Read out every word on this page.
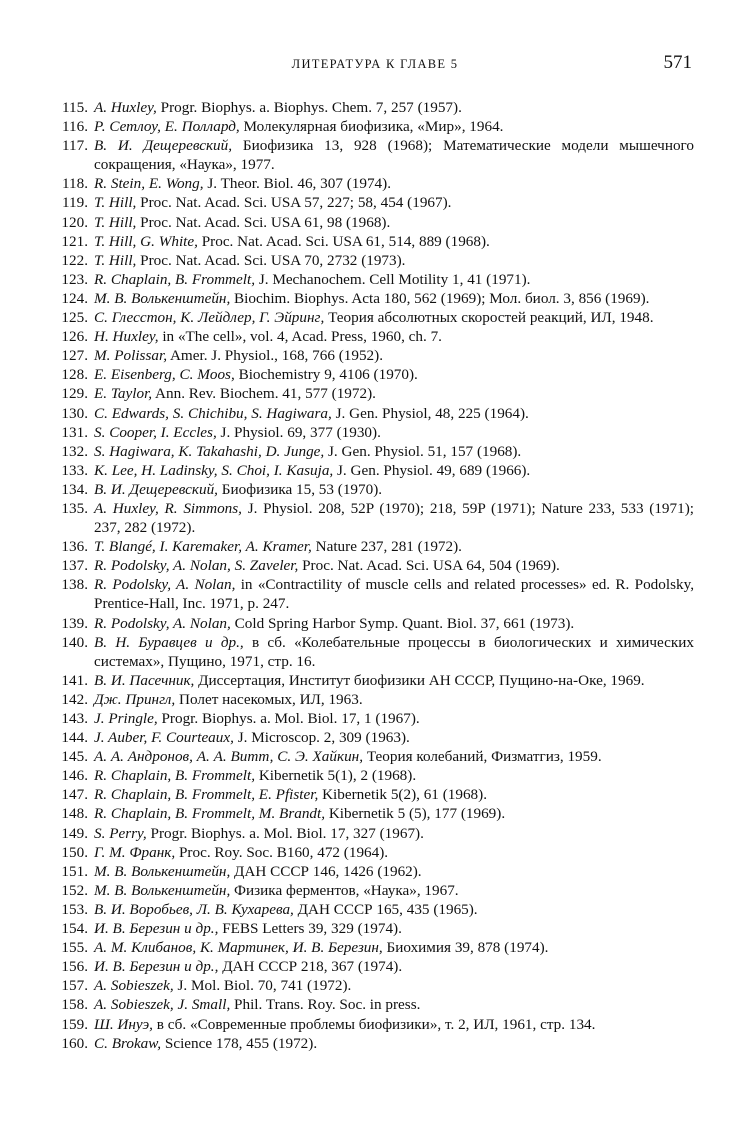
ЛИТЕРАТУРА К ГЛАВЕ 5	571
115. A. Huxley, Progr. Biophys. a. Biophys. Chem. 7, 257 (1957).
116. Р. Сетлоу, Е. Поллард, Молекулярная биофизика, «Мир», 1964.
117. В. И. Дещеревский, Биофизика 13, 928 (1968); Математические модели мышечного сокращения, «Наука», 1977.
118. R. Stein, E. Wong, J. Theor. Biol. 46, 307 (1974).
119. T. Hill, Proc. Nat. Acad. Sci. USA 57, 227; 58, 454 (1967).
120. T. Hill, Proc. Nat. Acad. Sci. USA 61, 98 (1968).
121. T. Hill, G. White, Proc. Nat. Acad. Sci. USA 61, 514, 889 (1968).
122. T. Hill, Proc. Nat. Acad. Sci. USA 70, 2732 (1973).
123. R. Chaplain, B. Frommelt, J. Mechanochem. Cell Motility 1, 41 (1971).
124. М. В. Волькенштейн, Biochim. Biophys. Acta 180, 562 (1969); Мол. биол. 3, 856 (1969).
125. С. Глесстон, К. Лейдлер, Г. Эйринг, Теория абсолютных скоростей реакций, ИЛ, 1948.
126. H. Huxley, in «The cell», vol. 4, Acad. Press, 1960, ch. 7.
127. M. Polissar, Amer. J. Physiol., 168, 766 (1952).
128. E. Eisenberg, C. Moos, Biochemistry 9, 4106 (1970).
129. E. Taylor, Ann. Rev. Biochem. 41, 577 (1972).
130. C. Edwards, S. Chichibu, S. Hagiwara, J. Gen. Physiol, 48, 225 (1964).
131. S. Cooper, I. Eccles, J. Physiol. 69, 377 (1930).
132. S. Hagiwara, K. Takahashi, D. Junge, J. Gen. Physiol. 51, 157 (1968).
133. K. Lee, H. Ladinsky, S. Choi, I. Kasuja, J. Gen. Physiol. 49, 689 (1966).
134. В. И. Дещеревский, Биофизика 15, 53 (1970).
135. A. Huxley, R. Simmons, J. Physiol. 208, 52P (1970); 218, 59P (1971); Nature 233, 533 (1971); 237, 282 (1972).
136. T. Blangé, I. Karemaker, A. Kramer, Nature 237, 281 (1972).
137. R. Podolsky, A. Nolan, S. Zaveler, Proc. Nat. Acad. Sci. USA 64, 504 (1969).
138. R. Podolsky, A. Nolan, in «Contractility of muscle cells and related processes» ed. R. Podolsky, Prentice-Hall, Inc. 1971, p. 247.
139. R. Podolsky, A. Nolan, Cold Spring Harbor Symp. Quant. Biol. 37, 661 (1973).
140. В. Н. Буравцев и др., в сб. «Колебательные процессы в биологических и химических системах», Пущино, 1971, стр. 16.
141. В. И. Пасечник, Диссертация, Институт биофизики АН СССР, Пущино-на-Оке, 1969.
142. Дж. Прингл, Полет насекомых, ИЛ, 1963.
143. J. Pringle, Progr. Biophys. a. Mol. Biol. 17, 1 (1967).
144. J. Auber, F. Courteaux, J. Microscop. 2, 309 (1963).
145. А. А. Андронов, А. А. Витт, С. Э. Хайкин, Теория колебаний, Физматгиз, 1959.
146. R. Chaplain, B. Frommelt, Kibernetik 5(1), 2 (1968).
147. R. Chaplain, B. Frommelt, E. Pfister, Kibernetik 5(2), 61 (1968).
148. R. Chaplain, B. Frommelt, M. Brandt, Kibernetik 5 (5), 177 (1969).
149. S. Perry, Progr. Biophys. a. Mol. Biol. 17, 327 (1967).
150. Г. М. Франк, Proc. Roy. Soc. B160, 472 (1964).
151. М. В. Волькенштейн, ДАН СССР 146, 1426 (1962).
152. М. В. Волькенштейн, Физика ферментов, «Наука», 1967.
153. В. И. Воробьев, Л. В. Кухарева, ДАН СССР 165, 435 (1965).
154. И. В. Березин и др., FEBS Letters 39, 329 (1974).
155. А. М. Клибанов, К. Мартинек, И. В. Березин, Биохимия 39, 878 (1974).
156. И. В. Березин и др., ДАН СССР 218, 367 (1974).
157. A. Sobieszek, J. Mol. Biol. 70, 741 (1972).
158. A. Sobieszek, J. Small, Phil. Trans. Roy. Soc. in press.
159. Ш. Инуэ, в сб. «Современные проблемы биофизики», т. 2, ИЛ, 1961, стр. 134.
160. C. Brokaw, Science 178, 455 (1972).
